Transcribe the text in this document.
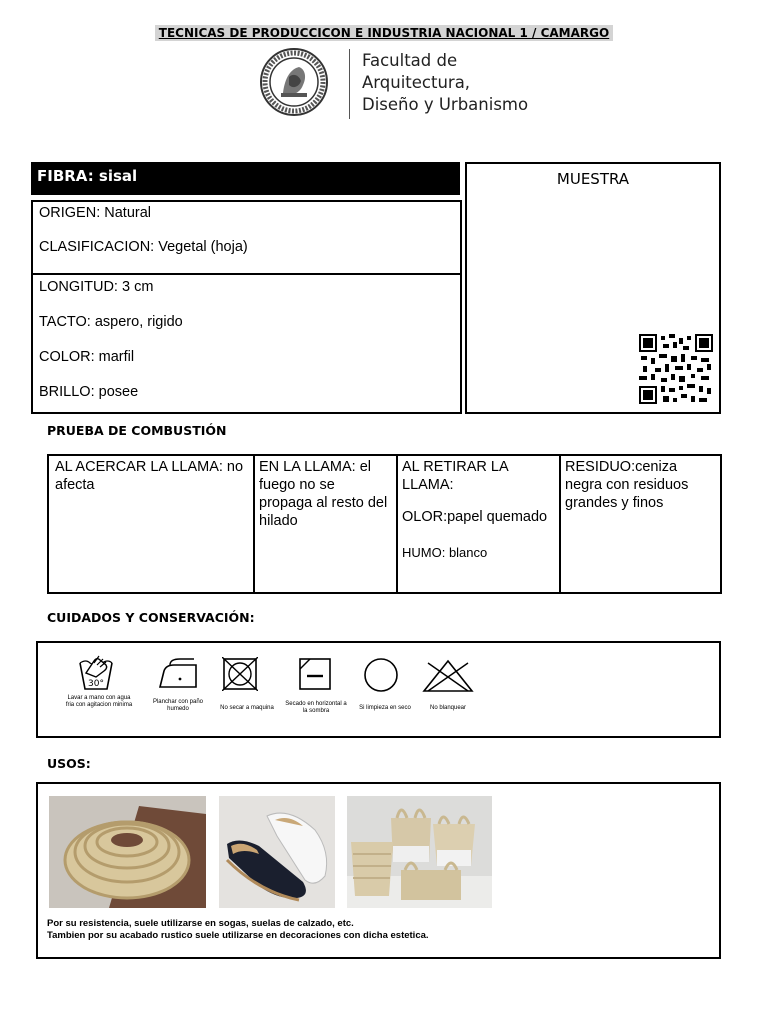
TECNICAS DE PRODUCCICON E INDUSTRIA NACIONAL 1 / CAMARGO
Facultad de
Arquitectura,
Diseño y Urbanismo
FIBRA: sisal
ORIGEN: Natural
CLASIFICACION: Vegetal (hoja)
LONGITUD: 3 cm
TACTO: aspero, rigido
COLOR: marfil
BRILLO: posee
MUESTRA
PRUEBA DE COMBUSTIÓN
AL ACERCAR LA LLAMA: no afecta
EN LA LLAMA: el fuego no se propaga al resto del hilado
AL RETIRAR LA LLAMA:
OLOR:papel quemado
HUMO: blanco
RESIDUO:ceniza negra con residuos grandes y finos
CUIDADOS Y CONSERVACIÓN:
30°
Lavar a mano con agua fria con agitacion minima	Planchar con paño humedo	No secar a maquina
Secado en horizontal a la sombra	Si limpieza en seco	No blanquear
USOS:
Por su resistencia, suele utilizarse en sogas, suelas de calzado, etc.
Tambien por su acabado rustico suele utilizarse en decoraciones con dicha estetica.
